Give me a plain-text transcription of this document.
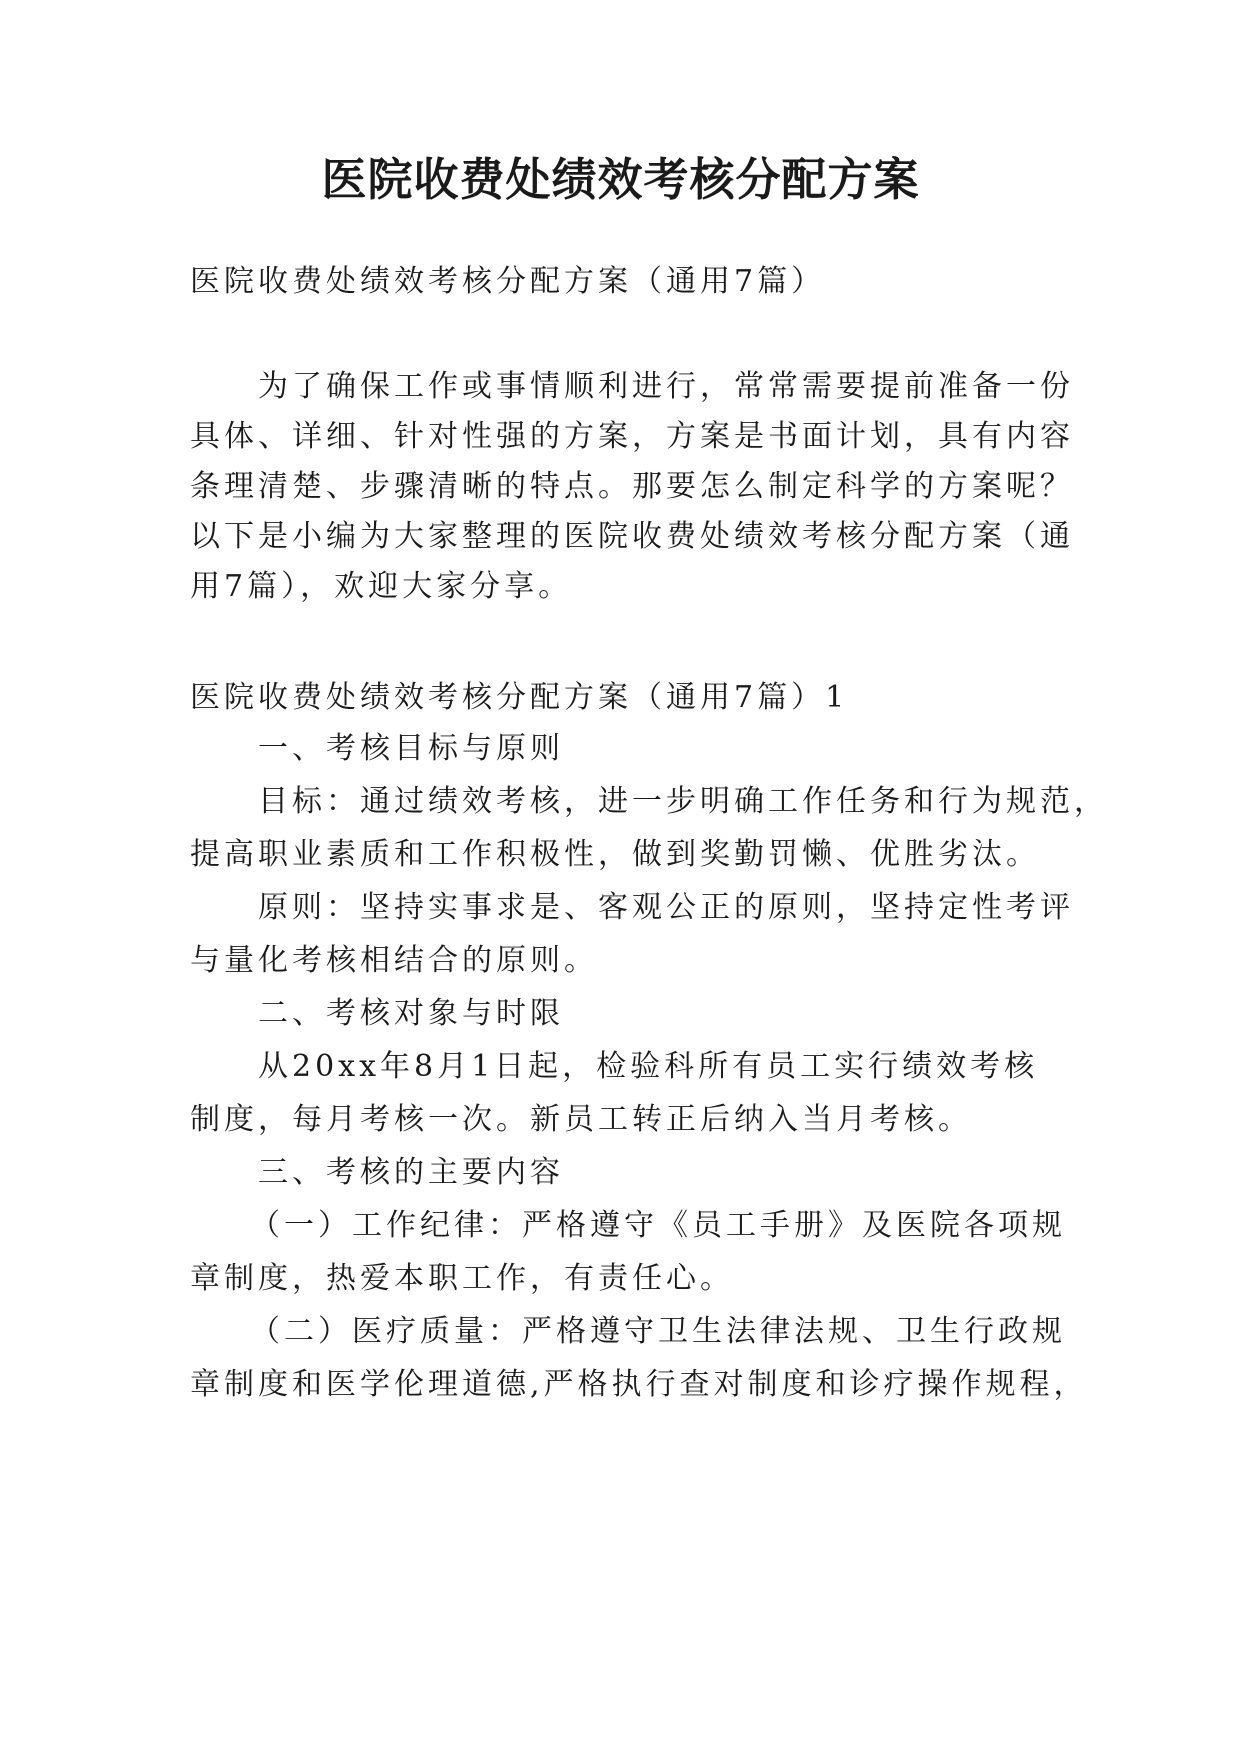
医院收费处绩效考核分配方案
医院收费处绩效考核分配方案（通用7篇）
为了确保工作或事情顺利进行，常常需要提前准备一份
具体、详细、针对性强的方案，方案是书面计划，具有内容
条理清楚、步骤清晰的特点。那要怎么制定科学的方案呢？
以下是小编为大家整理的医院收费处绩效考核分配方案（通
用7篇），欢迎大家分享。
医院收费处绩效考核分配方案（通用7篇）1
一、考核目标与原则
目标：通过绩效考核，进一步明确工作任务和行为规范，
提高职业素质和工作积极性，做到奖勤罚懒、优胜劣汰。
原则：坚持实事求是、客观公正的原则，坚持定性考评
与量化考核相结合的原则。
二、考核对象与时限
从20xx年8月1日起，检验科所有员工实行绩效考核
制度，每月考核一次。新员工转正后纳入当月考核。
三、考核的主要内容
（一）工作纪律：严格遵守《员工手册》及医院各项规
章制度，热爱本职工作，有责任心。
（二）医疗质量：严格遵守卫生法律法规、卫生行政规
章制度和医学伦理道德,严格执行查对制度和诊疗操作规程，
